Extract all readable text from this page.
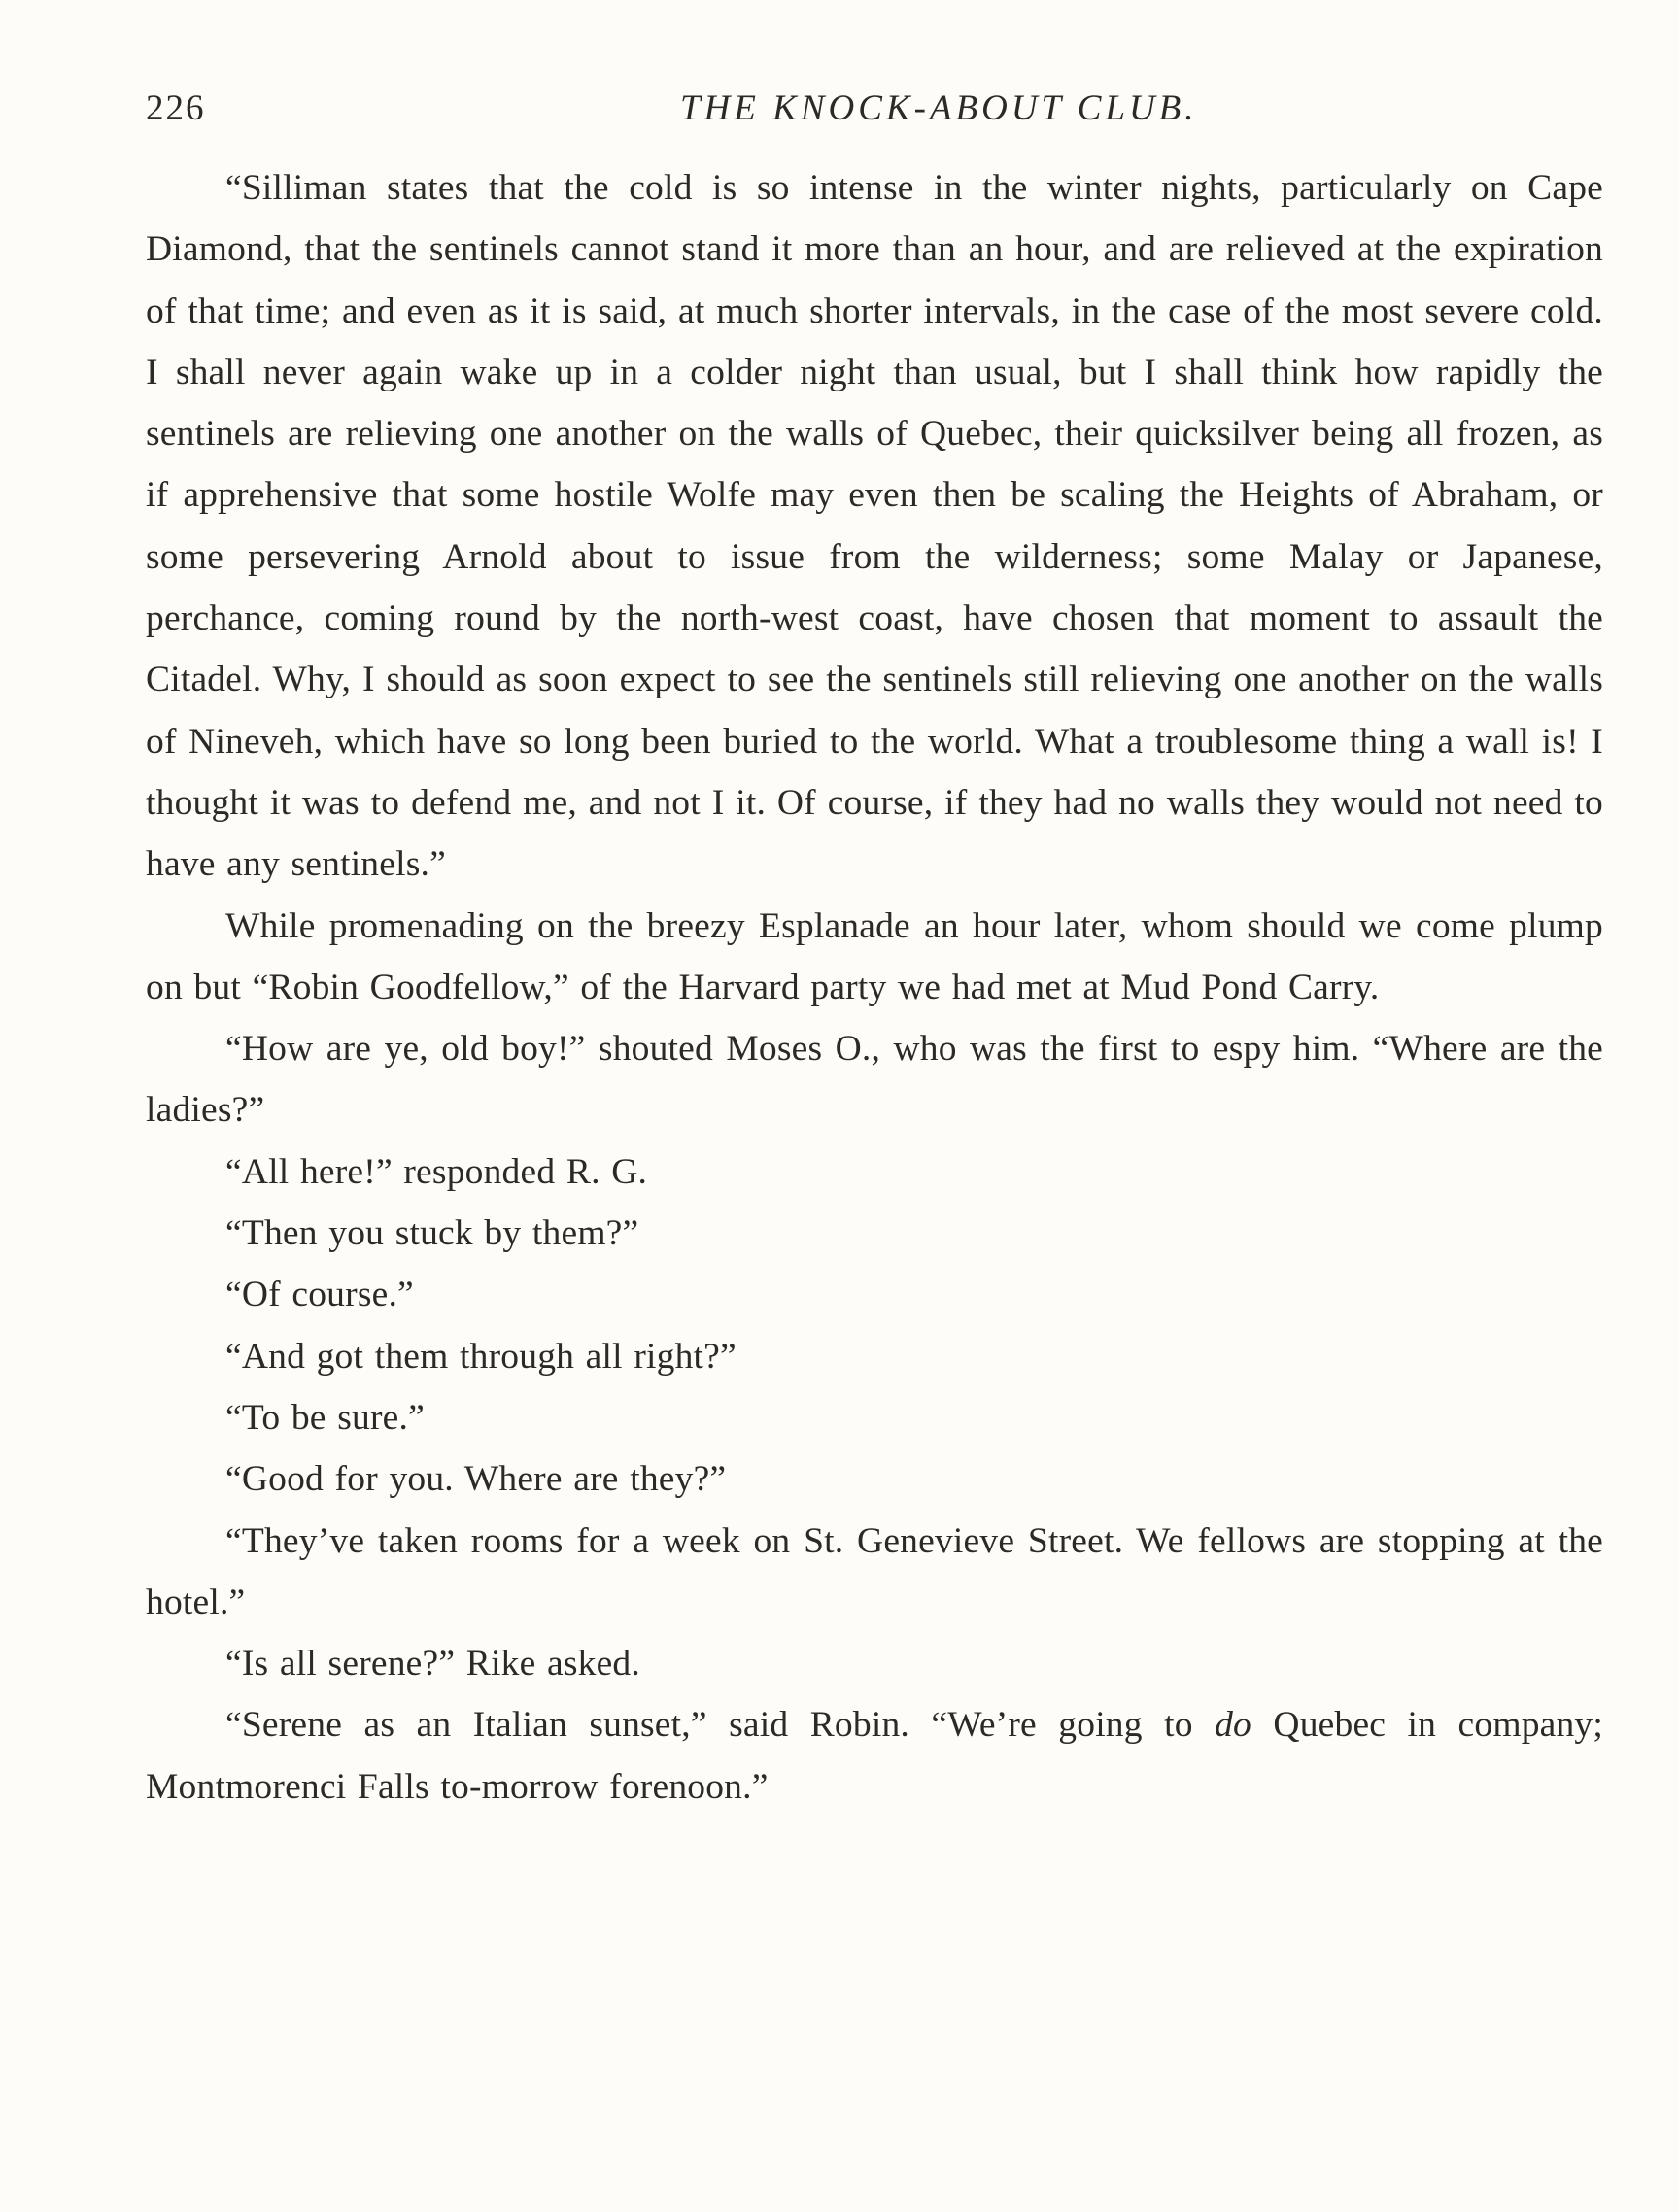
226	THE KNOCK-ABOUT CLUB.

“Silliman states that the cold is so intense in the winter nights, particularly on Cape Diamond, that the sentinels cannot stand it more than an hour, and are relieved at the expiration of that time; and even as it is said, at much shorter intervals, in the case of the most severe cold. I shall never again wake up in a colder night than usual, but I shall think how rapidly the sentinels are relieving one another on the walls of Quebec, their quicksilver being all frozen, as if apprehensive that some hostile Wolfe may even then be scaling the Heights of Abraham, or some persevering Arnold about to issue from the wilderness; some Malay or Japanese, perchance, coming round by the north-west coast, have chosen that moment to assault the Citadel. Why, I should as soon expect to see the sentinels still relieving one another on the walls of Nineveh, which have so long been buried to the world. What a troublesome thing a wall is! I thought it was to defend me, and not I it. Of course, if they had no walls they would not need to have any sentinels.”

While promenading on the breezy Esplanade an hour later, whom should we come plump on but “Robin Goodfellow,” of the Harvard party we had met at Mud Pond Carry.

“How are ye, old boy!” shouted Moses O., who was the first to espy him. “Where are the ladies?”

“All here!” responded R. G.

“Then you stuck by them?”

“Of course.”

“And got them through all right?”

“To be sure.”

“Good for you. Where are they?”

“They’ve taken rooms for a week on St. Genevieve Street. We fellows are stopping at the hotel.”

“Is all serene?” Rike asked.

“Serene as an Italian sunset,” said Robin. “We’re going to do Quebec in company; Montmorenci Falls to-morrow forenoon.”
